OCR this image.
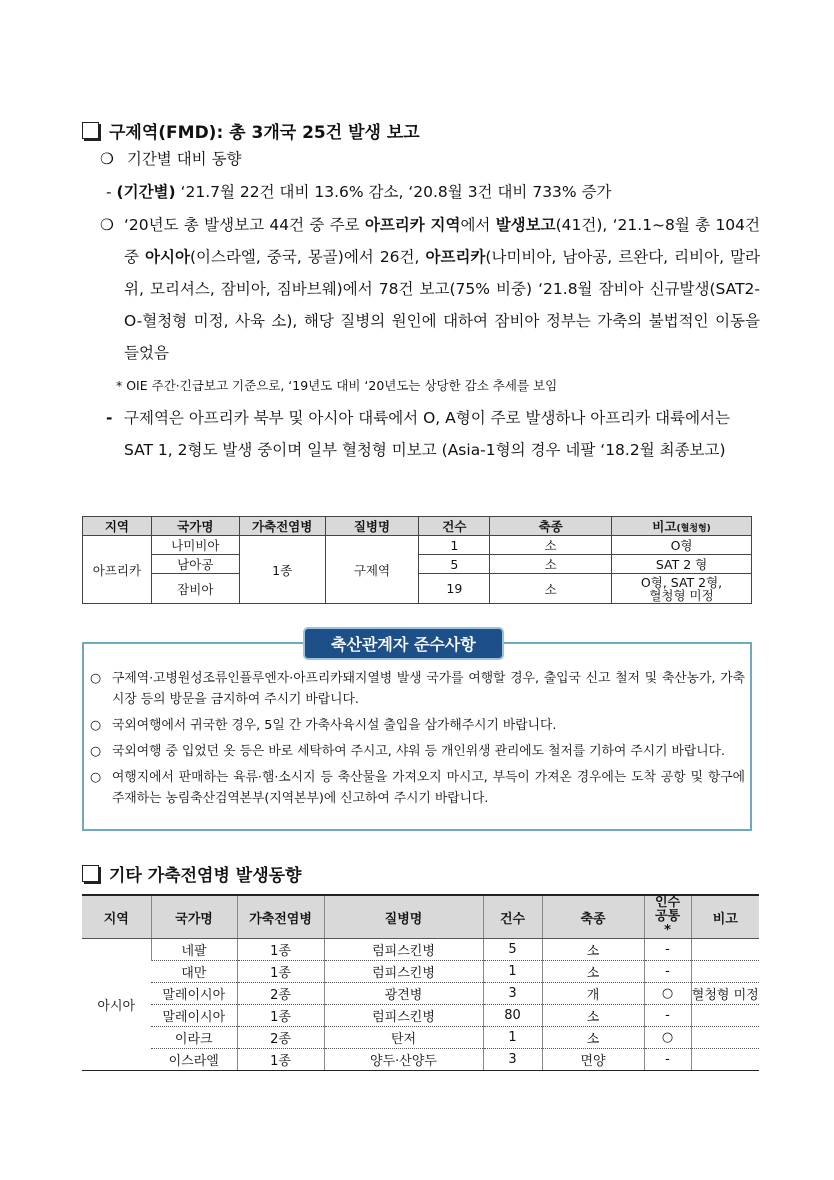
구제역(FMD): 총 3개국 25건 발생 보고
❍ 기간별 대비 동향
- (기간별) ‘21.7월 22건 대비 13.6% 감소, ‘20.8월 3건 대비 733% 증가
❍ ‘20년도 총 발생보고 44건 중 주로 아프리카 지역에서 발생보고(41건), ‘21.1~8월 총 104건 중 아시아(이스라엘, 중국, 몽골)에서 26건, 아프리카(나미비아, 남아공, 르완다, 리비아, 말라위, 모리셔스, 잠비아, 짐바브웨)에서 78건 보고(75% 비중) ‘21.8월 잠비아 신규발생(SAT2-O-혈청형 미정, 사육 소), 해당 질병의 원인에 대하여 잠비아 정부는 가축의 불법적인 이동을 들었음
* OIE 주간·긴급보고 기준으로, ‘19년도 대비 ‘20년도는 상당한 감소 추세를 보임
- 구제역은 아프리카 북부 및 아시아 대륙에서 O, A형이 주로 발생하나 아프리카 대륙에서는 SAT 1, 2형도 발생 중이며 일부 혈청형 미보고 (Asia-1형의 경우 네팔 ‘18.2월 최종보고)
지역	국가명	가축전염병	질병명	건수	축종	비고(혈청형)
아프리카	나미비아	1종	구제역	1	소	O형
	남아공			5	소	SAT 2 형
	잠비아			19	소	O형, SAT 2형, 혈청형 미정
축산관계자 준수사항
○ 구제역·고병원성조류인플루엔자·아프리카돼지열병 발생 국가를 여행할 경우, 출입국 신고 철저 및 축산농가, 가축시장 등의 방문을 금지하여 주시기 바랍니다.
○ 국외여행에서 귀국한 경우, 5일 간 가축사육시설 출입을 삼가해주시기 바랍니다.
○ 국외여행 중 입었던 옷 등은 바로 세탁하여 주시고, 샤워 등 개인위생 관리에도 철저를 기하여 주시기 바랍니다.
○ 여행지에서 판매하는 육류·햄·소시지 등 축산물을 가져오지 마시고, 부득이 가져온 경우에는 도착 공항 및 항구에 주재하는 농림축산검역본부(지역본부)에 신고하여 주시기 바랍니다.
기타 가축전염병 발생동향
지역	국가명	가축전염병	질병명	건수	축종	인수공통*	비고
아시아	네팔	1종	럼피스킨병	5	소	-	
	대만	1종	럼피스킨병	1	소	-	
	말레이시아	2종	광견병	3	개	○	혈청형 미정
	말레이시아	1종	럼피스킨병	80	소	-	
	이라크	2종	탄저	1	소	○	
	이스라엘	1종	양두·산양두	3	면양	-	
